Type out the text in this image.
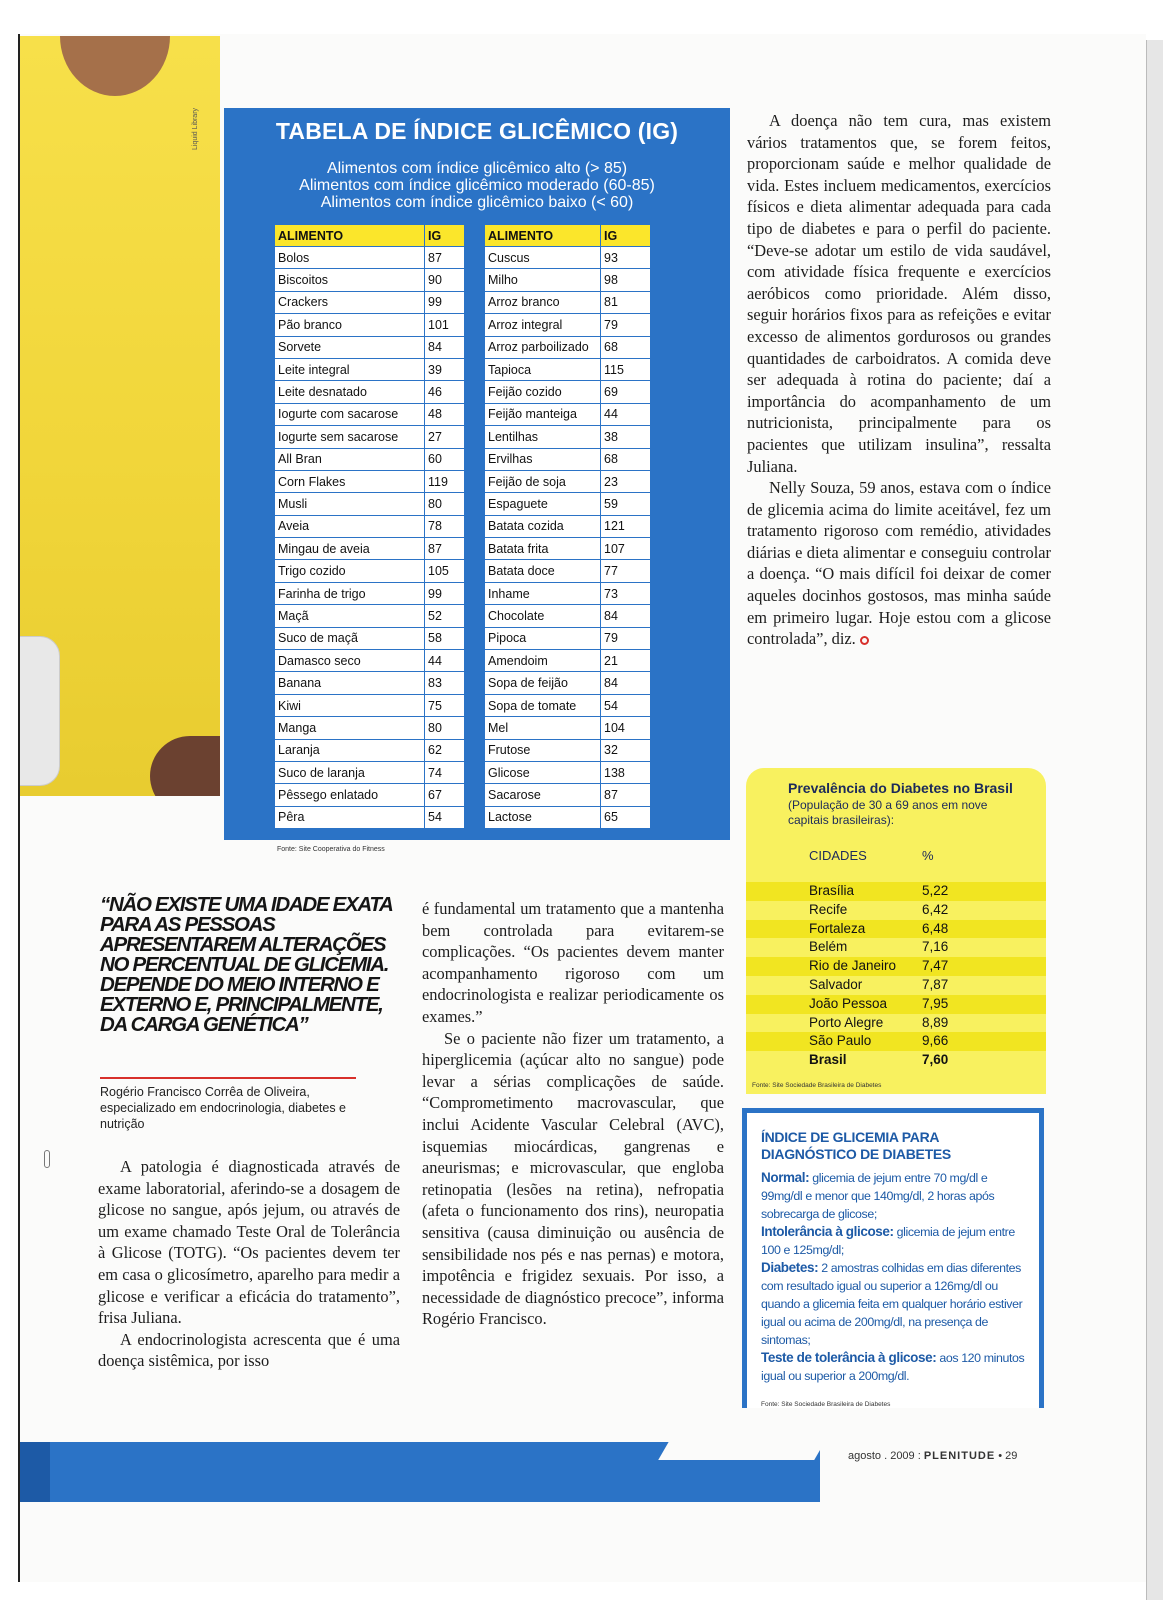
Liquid Library	TABELA DE ÍNDICE GLICÊMICO (IG)
Alimentos com índice glicêmico alto (> 85)
Alimentos com índice glicêmico moderado (60-85)
Alimentos com índice glicêmico baixo (< 60)
ALIMENTO	IG
Bolos	87
Biscoitos	90
Crackers	99
Pão branco	101
Sorvete	84
Leite integral	39
Leite desnatado	46
Iogurte com sacarose	48
Iogurte sem sacarose	27
All Bran	60
Corn Flakes	119
Musli	80
Aveia	78
Mingau de aveia	87
Trigo cozido	105
Farinha de trigo	99
Maçã	52
Suco de maçã	58
Damasco seco	44
Banana	83
Kiwi	75
Manga	80
Laranja	62
Suco de laranja	74
Pêssego enlatado	67
Pêra	54
ALIMENTO	IG
Cuscus	93
Milho	98
Arroz branco	81
Arroz integral	79
Arroz parboilizado	68
Tapioca	115
Feijão cozido	69
Feijão manteiga	44
Lentilhas	38
Ervilhas	68
Feijão de soja	23
Espaguete	59
Batata cozida	121
Batata frita	107
Batata doce	77
Inhame	73
Chocolate	84
Pipoca	79
Amendoim	21
Sopa de feijão	84
Sopa de tomate	54
Mel	104
Frutose	32
Glicose	138
Sacarose	87
Lactose	65
Fonte: Site Cooperativa do Fitness

A doença não tem cura, mas existem vários tratamentos que, se forem feitos, proporcionam saúde e melhor qualidade de vida. Estes incluem medicamentos, exercícios físicos e dieta alimentar adequada para cada tipo de diabetes e para o perfil do paciente. “Deve-se adotar um estilo de vida saudável, com atividade física frequente e exercícios aeróbicos como prioridade. Além disso, seguir horários fixos para as refeições e evitar excesso de alimentos gordurosos ou grandes quantidades de carboidratos. A comida deve ser adequada à rotina do paciente; daí a importância do acompanhamento de um nutricionista, principalmente para os pacientes que utilizam insulina”, ressalta Juliana.

Nelly Souza, 59 anos, estava com o índice de glicemia acima do limite aceitável, fez um tratamento rigoroso com remédio, atividades diárias e dieta alimentar e conseguiu controlar a doença. “O mais difícil foi deixar de comer aqueles docinhos gostosos, mas minha saúde em primeiro lugar. Hoje estou com a glicose controlada”, diz.

“NÃO EXISTE UMA IDADE EXATA PARA AS PESSOAS APRESENTAREM ALTERAÇÕES NO PERCENTUAL DE GLICEMIA. DEPENDE DO MEIO INTERNO E EXTERNO E, PRINCIPALMENTE, DA CARGA GENÉTICA”
Rogério Francisco Corrêa de Oliveira, especializado em endocrinologia, diabetes e nutrição

A patologia é diagnosticada através de exame laboratorial, aferindo-se a dosagem de glicose no sangue, após jejum, ou através de um exame chamado Teste Oral de Tolerância à Glicose (TOTG). “Os pacientes devem ter em casa o glicosímetro, aparelho para medir a glicose e verificar a eficácia do tratamento”, frisa Juliana.

A endocrinologista acrescenta que é uma doença sistêmica, por isso

é fundamental um tratamento que a mantenha bem controlada para evitarem-se complicações. “Os pacientes devem manter acompanhamento rigoroso com um endocrinologista e realizar periodicamente os exames.”

Se o paciente não fizer um tratamento, a hiperglicemia (açúcar alto no sangue) pode levar a sérias complicações de saúde. “Comprometimento macrovascular, que inclui Acidente Vascular Celebral (AVC), isquemias miocárdicas, gangrenas e aneurismas; e microvascular, que engloba retinopatia (lesões na retina), nefropatia (afeta o funcionamento dos rins), neuropatia sensitiva (causa diminuição ou ausência de sensibilidade nos pés e nas pernas) e motora, impotência e frigidez sexuais. Por isso, a necessidade de diagnóstico precoce”, informa Rogério Francisco.

Prevalência do Diabetes no Brasil
(População de 30 a 69 anos em nove capitais brasileiras):
CIDADES	%
Brasília	5,22
Recife	6,42
Fortaleza	6,48
Belém	7,16
Rio de Janeiro 7,47
Salvador	7,87
João Pessoa	7,95
Porto Alegre	8,89
São Paulo	9,66
Brasil	7,60
Fonte: Site Sociedade Brasileira de Diabetes
ÍNDICE DE GLICEMIA PARA
DIAGNÓSTICO DE DIABETES
Normal: glicemia de jejum entre 70 mg/dl e 99mg/dl e menor que 140mg/dl, 2 horas após sobrecarga de glicose;
Intolerância à glicose: glicemia de jejum entre 100 e 125mg/dl;
Diabetes: 2 amostras colhidas em dias diferentes com resultado igual ou superior a 126mg/dl ou quando a glicemia feita em qualquer horário estiver igual ou acima de 200mg/dl, na presença de sintomas;
Teste de tolerância à glicose: aos 120 minutos igual ou superior a 200mg/dl.
Fonte: Site Sociedade Brasileira de Diabetes
agosto . 2009 : PLENITUDE • 29
